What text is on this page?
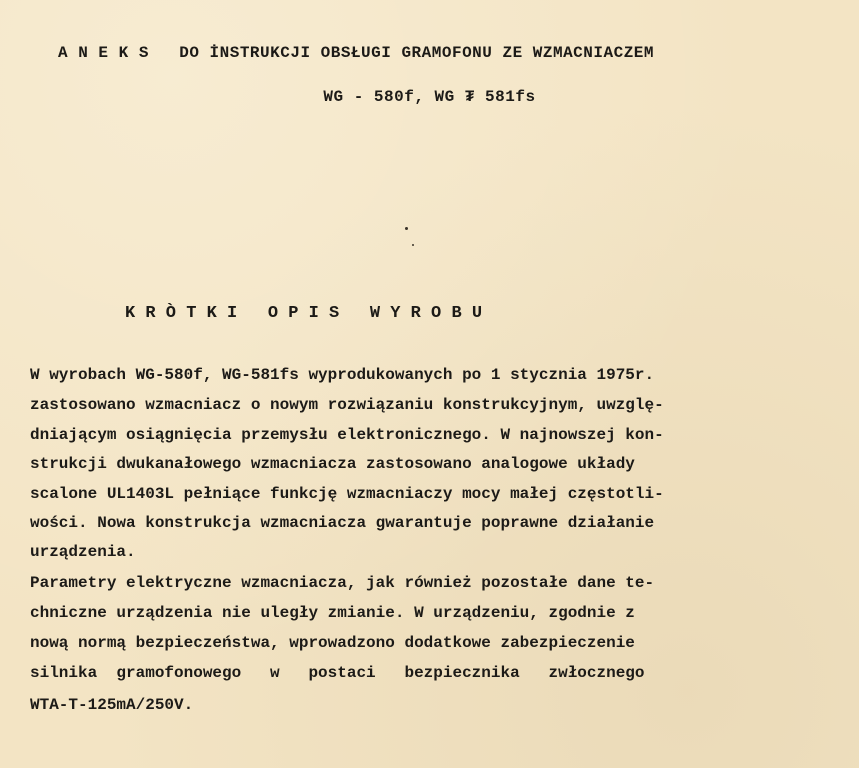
A N E K S   DO İNSTRUKCJI OBSŁUGI GRAMOFONU ZE WZMACNIACZEM
WG - 580f, WG ₮ 581fs
K R Ò T K I   O P I S   W Y R O B U
W wyrobach WG-580f, WG-581fs wyprodukowanych po 1 stycznia 1975r.
zastosowano wzmacniacz o nowym rozwiązaniu konstrukcyjnym, uwzglę-
dniającym osiągnięcia przemysłu elektronicznego. W najnowszej kon-
strukcji dwukanałowego wzmacniacza zastosowano analogowe układy
scalone UL1403L pełniące funkcję wzmacniaczy mocy małej częstotli-
wości. Nowa konstrukcja wzmacniacza gwarantuje poprawne działanie
urządzenia.
Parametry elektryczne wzmacniacza, jak również pozostałe dane te-
chniczne urządzenia nie uległy zmianie. W urządzeniu, zgodnie z
nową normą bezpieczeństwa, wprowadzono dodatkowe zabezpieczenie
silnika  gramofonowego   w   postaci   bezpiecznika   zwłocznego
WTA-T-125mA/250V.
